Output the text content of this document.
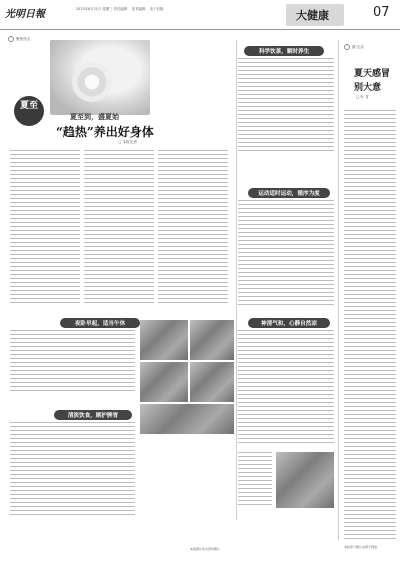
光明日報	2023年6月21日 星期三 责任编辑： 美术编辑： 电子信箱：	大健康	07
聚焦热点
夏至
夏至到，盛夏始
“趋热”养出好身体
□ 本报记者
科学饮茶，顺时养生
运动适时运动，循序为度
夜卧早起，适当午休	神清气和，心静自然凉
清淡饮食，顾护脾胃
健·生活
夏天感冒
别大意
□ 叶 青
本版部分图片来源于网络
本版图片均为资料图片
